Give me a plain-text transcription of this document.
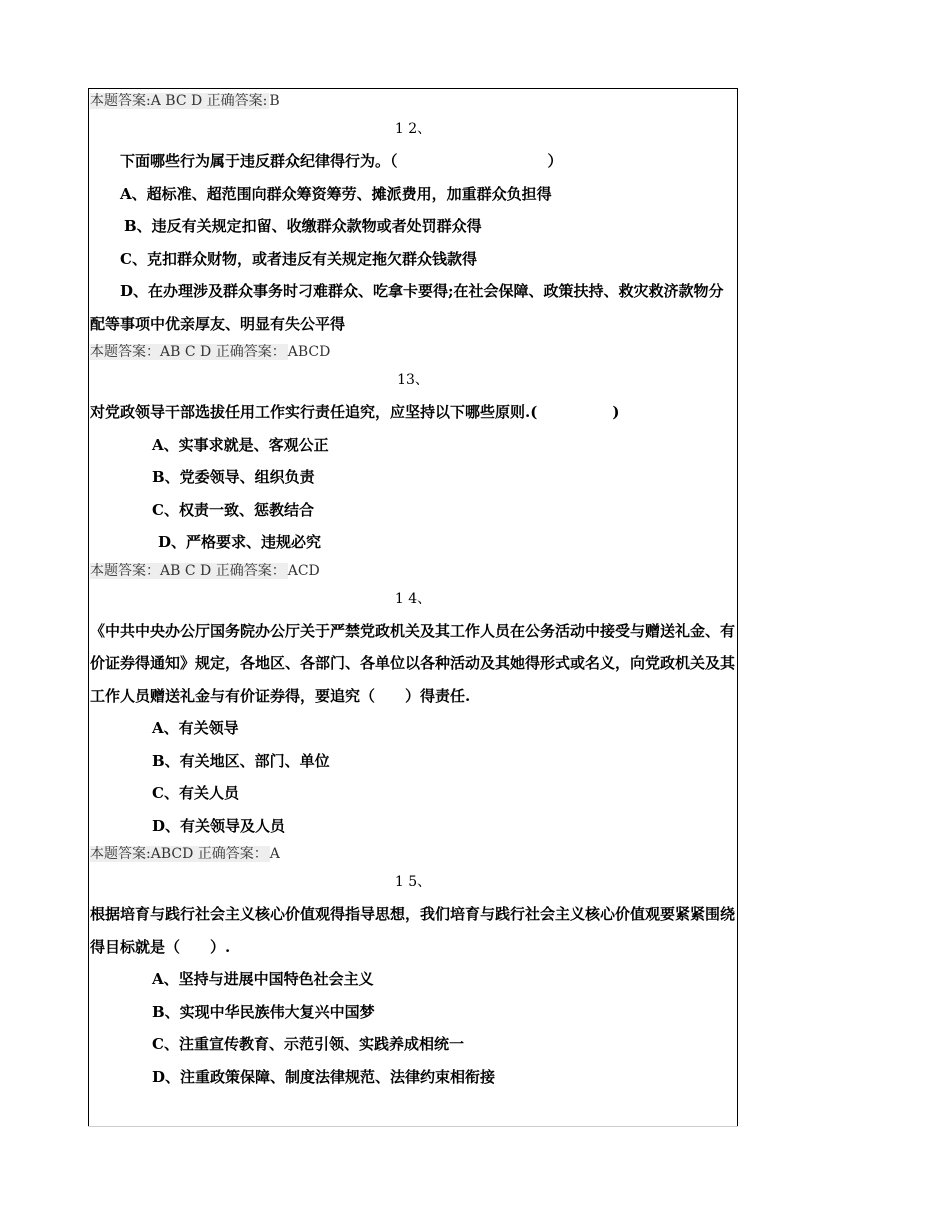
本题答案:A BC D 正确答案: B
1 2、
下面哪些行为属于违反群众纪律得行为。（　　　　　　　　　　）
A、超标准、超范围向群众筹资筹劳、摊派费用，加重群众负担得
B、违反有关规定扣留、收缴群众款物或者处罚群众得
C、克扣群众财物，或者违反有关规定拖欠群众钱款得
D、在办理涉及群众事务时刁难群众、吃拿卡要得;在社会保障、政策扶持、救灾救济款物分配等事项中优亲厚友、明显有失公平得
本题答案：AB C D 正确答案： ABCD
13、
对党政领导干部选拔任用工作实行责任追究，应坚持以下哪些原则.(　　　　　)
A、实事求就是、客观公正
B、党委领导、组织负责
C、权责一致、惩教结合
D、严格要求、违规必究
本题答案：AB C D 正确答案： ACD
1 4、
《中共中央办公厅国务院办公厅关于严禁党政机关及其工作人员在公务活动中接受与赠送礼金、有价证券得通知》规定，各地区、各部门、各单位以各种活动及其她得形式或名义，向党政机关及其工作人员赠送礼金与有价证券得，要追究（　　）得责任.
A、有关领导
B、有关地区、部门、单位
C、有关人员
D、有关领导及人员
本题答案:ABCD 正确答案： A
1 5、
根据培育与践行社会主义核心价值观得指导思想，我们培育与践行社会主义核心价值观要紧紧围绕得目标就是（　　）.
A、坚持与进展中国特色社会主义
B、实现中华民族伟大复兴中国梦
C、注重宣传教育、示范引领、实践养成相统一
D、注重政策保障、制度法律规范、法律约束相衔接
